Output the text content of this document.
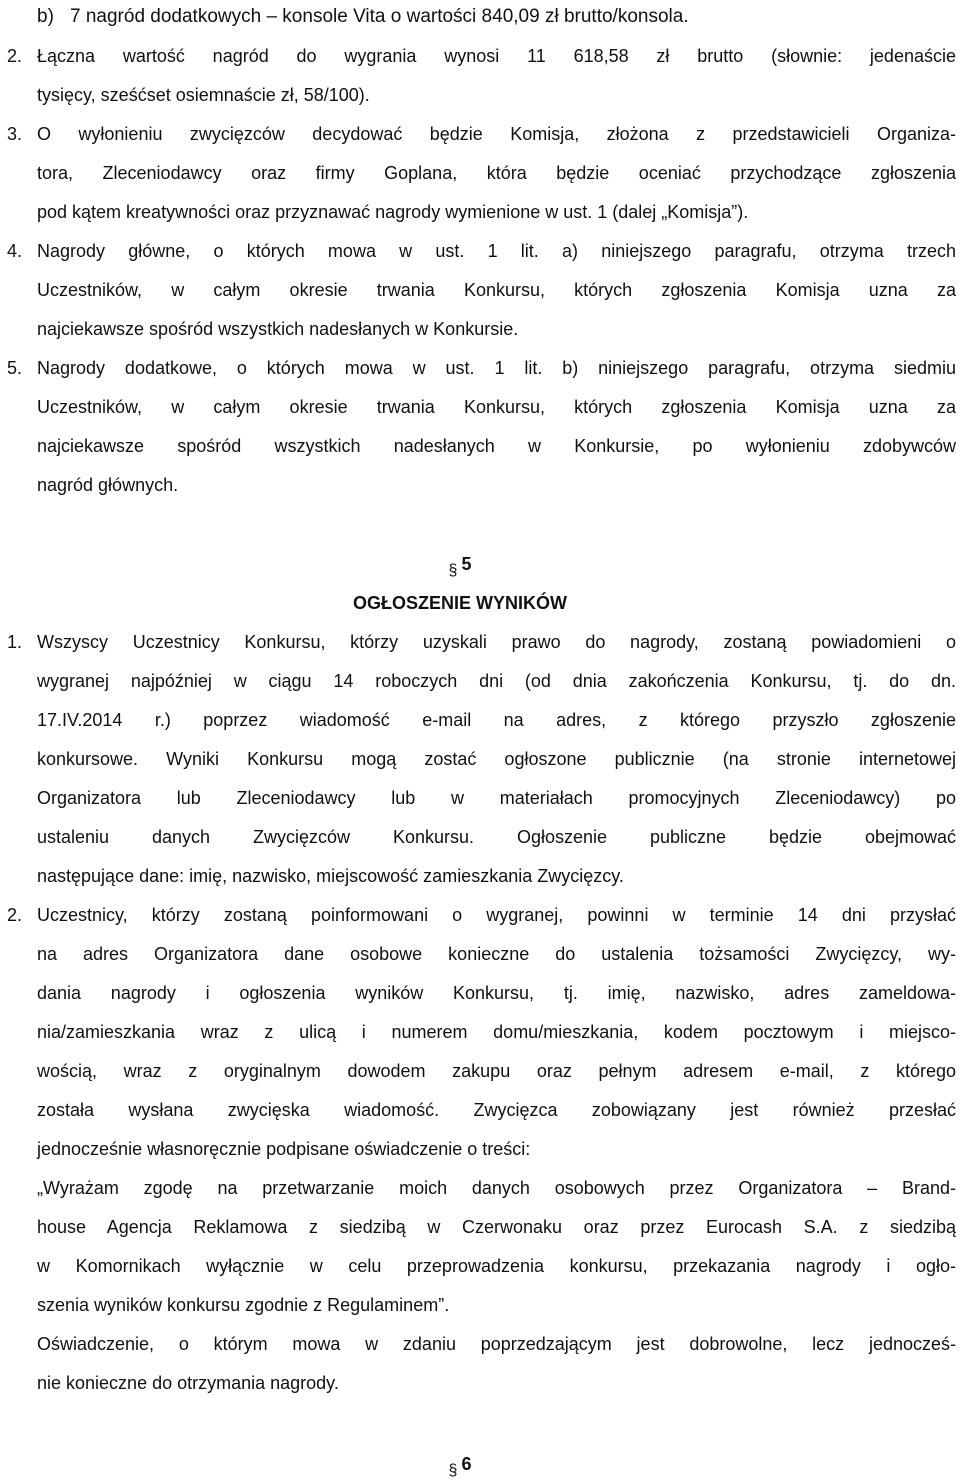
b) 7 nagród dodatkowych – konsole Vita o wartości 840,09 zł brutto/konsola.
2. Łączna wartość nagród do wygrania wynosi 11 618,58 zł brutto (słownie: jedenaście
tysięcy, sześćset osiemnaście zł, 58/100).
3. O wyłonieniu zwycięzców decydować będzie Komisja, złożona z przedstawicieli Organiza-
tora, Zleceniodawcy oraz firmy Goplana, która będzie oceniać przychodzące zgłoszenia
pod kątem kreatywności oraz przyznawać nagrody wymienione w ust. 1 (dalej „Komisja”).
4. Nagrody główne, o których mowa w ust. 1 lit. a) niniejszego paragrafu, otrzyma trzech
Uczestników, w całym okresie trwania Konkursu, których zgłoszenia Komisja uzna za
najciekawsze spośród wszystkich nadesłanych w Konkursie.
5. Nagrody dodatkowe, o których mowa w ust. 1 lit. b) niniejszego paragrafu, otrzyma siedmiu
Uczestników, w całym okresie trwania Konkursu, których zgłoszenia Komisja uzna za
najciekawsze spośród wszystkich nadesłanych w Konkursie, po wyłonieniu zdobywców
nagród głównych.
§ 5
OGŁOSZENIE WYNIKÓW
1. Wszyscy Uczestnicy Konkursu, którzy uzyskali prawo do nagrody, zostaną powiadomieni o
wygranej najpóźniej w ciągu 14 roboczych dni (od dnia zakończenia Konkursu, tj. do dn.
17.IV.2014 r.) poprzez wiadomość e-mail na adres, z którego przyszło zgłoszenie
konkursowe. Wyniki Konkursu mogą zostać ogłoszone publicznie (na stronie internetowej
Organizatora lub Zleceniodawcy lub w materiałach promocyjnych Zleceniodawcy) po
ustaleniu danych Zwycięzców Konkursu. Ogłoszenie publiczne będzie obejmować
następujące dane: imię, nazwisko, miejscowość zamieszkania Zwycięzcy.
2. Uczestnicy, którzy zostaną poinformowani o wygranej, powinni w terminie 14 dni przysłać
na adres Organizatora dane osobowe konieczne do ustalenia tożsamości Zwycięzcy, wy-
dania nagrody i ogłoszenia wyników Konkursu, tj. imię, nazwisko, adres zameldowa-
nia/zamieszkania wraz z ulicą i numerem domu/mieszkania, kodem pocztowym i miejsco-
wością, wraz z oryginalnym dowodem zakupu oraz pełnym adresem e-mail, z którego
została wysłana zwycięska wiadomość. Zwycięzca zobowiązany jest również przesłać
jednocześnie własnoręcznie podpisane oświadczenie o treści:
„Wyrażam zgodę na przetwarzanie moich danych osobowych przez Organizatora – Brand-
house Agencja Reklamowa z siedzibą w Czerwonaku oraz przez Eurocash S.A. z siedzibą
w Komornikach wyłącznie w celu przeprowadzenia konkursu, przekazania nagrody i ogło-
szenia wyników konkursu zgodnie z Regulaminem”.
Oświadczenie, o którym mowa w zdaniu poprzedzającym jest dobrowolne, lecz jednocześ-
nie konieczne do otrzymania nagrody.
§ 6
